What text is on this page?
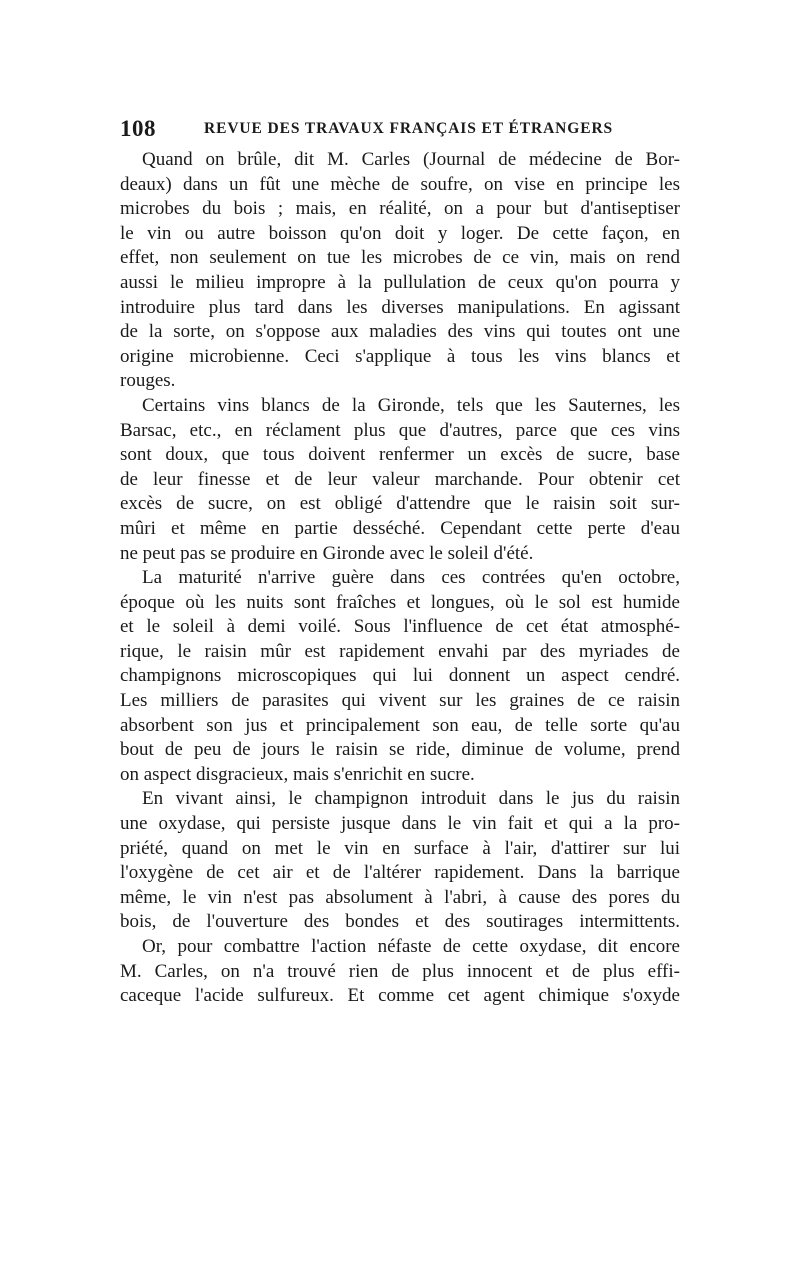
108	REVUE DES TRAVAUX FRANÇAIS ET ÉTRANGERS
Quand on brûle, dit M. Carles (Journal de médecine de Bor-
deaux) dans un fût une mèche de soufre, on vise en principe les
microbes du bois ; mais, en réalité, on a pour but d'antiseptiser
le vin ou autre boisson qu'on doit y loger. De cette façon, en
effet, non seulement on tue les microbes de ce vin, mais on rend
aussi le milieu impropre à la pullulation de ceux qu'on pourra y
introduire plus tard dans les diverses manipulations. En agissant
de la sorte, on s'oppose aux maladies des vins qui toutes ont une
origine microbienne. Ceci s'applique à tous les vins blancs et
rouges.
Certains vins blancs de la Gironde, tels que les Sauternes, les
Barsac, etc., en réclament plus que d'autres, parce que ces vins
sont doux, que tous doivent renfermer un excès de sucre, base
de leur finesse et de leur valeur marchande. Pour obtenir cet
excès de sucre, on est obligé d'attendre que le raisin soit sur-
mûri et même en partie desséché. Cependant cette perte d'eau
ne peut pas se produire en Gironde avec le soleil d'été.
La maturité n'arrive guère dans ces contrées qu'en octobre,
époque où les nuits sont fraîches et longues, où le sol est humide
et le soleil à demi voilé. Sous l'influence de cet état atmosphé-
rique, le raisin mûr est rapidement envahi par des myriades de
champignons microscopiques qui lui donnent un aspect cendré.
Les milliers de parasites qui vivent sur les graines de ce raisin
absorbent son jus et principalement son eau, de telle sorte qu'au
bout de peu de jours le raisin se ride, diminue de volume, prend
on aspect disgracieux, mais s'enrichit en sucre.
En vivant ainsi, le champignon introduit dans le jus du raisin
une oxydase, qui persiste jusque dans le vin fait et qui a la pro-
priété, quand on met le vin en surface à l'air, d'attirer sur lui
l'oxygène de cet air et de l'altérer rapidement. Dans la barrique
même, le vin n'est pas absolument à l'abri, à cause des pores du
bois, de l'ouverture des bondes et des soutirages intermittents.
Or, pour combattre l'action néfaste de cette oxydase, dit encore
M. Carles, on n'a trouvé rien de plus innocent et de plus effi-
caceque l'acide sulfureux. Et comme cet agent chimique s'oxyde
